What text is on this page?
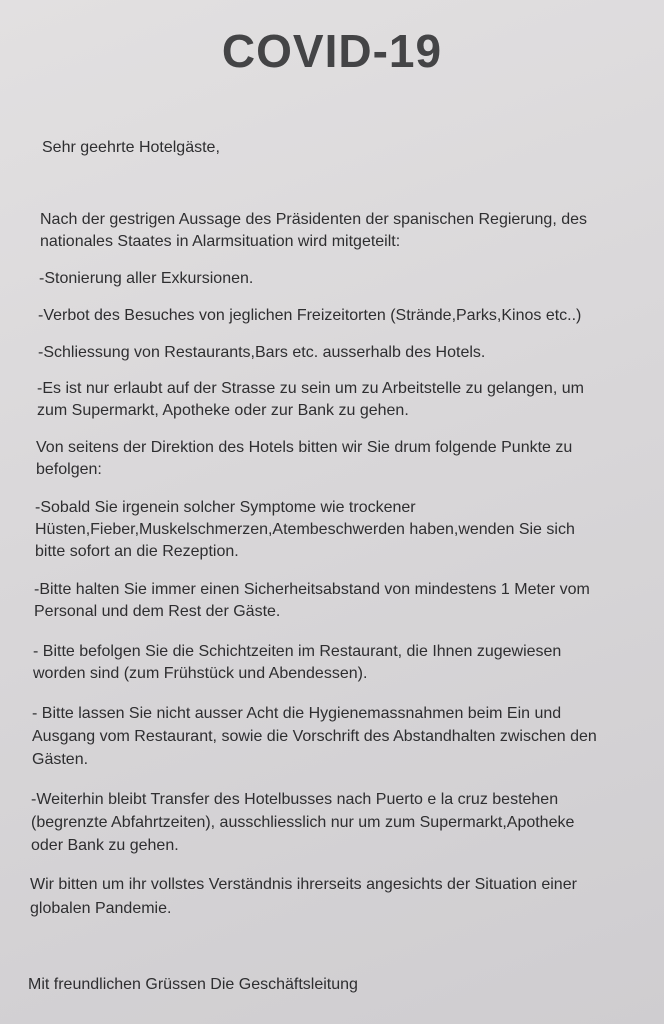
COVID-19

Sehr geehrte Hotelgäste,

Nach der gestrigen Aussage des Präsidenten der spanischen Regierung, des

nationales Staates in Alarmsituation wird mitgeteilt:

-Stonierung aller Exkursionen.

-Verbot des Besuches von jeglichen Freizeitorten (Strände,Parks,Kinos etc..)

-Schliessung von Restaurants,Bars etc. ausserhalb des Hotels.

-Es ist nur erlaubt auf der Strasse zu sein um zu Arbeitstelle zu gelangen, um

zum Supermarkt, Apotheke oder zur Bank zu gehen.

Von seitens der Direktion des Hotels bitten wir Sie drum folgende Punkte zu

befolgen:

-Sobald Sie irgenein solcher Symptome wie trockener

Hüsten,Fieber,Muskelschmerzen,Atembeschwerden haben,wenden Sie sich

bitte sofort an die Rezeption.

-Bitte halten Sie immer einen Sicherheitsabstand von mindestens 1 Meter vom

Personal und dem Rest der Gäste.

- Bitte befolgen Sie die Schichtzeiten im Restaurant, die Ihnen zugewiesen

worden sind (zum Frühstück und Abendessen).

- Bitte lassen Sie nicht ausser Acht die Hygienemassnahmen beim Ein und

Ausgang vom Restaurant, sowie die Vorschrift des Abstandhalten zwischen den

Gästen.

-Weiterhin bleibt Transfer des Hotelbusses nach Puerto e la cruz bestehen

(begrenzte Abfahrtzeiten), ausschliesslich nur um zum Supermarkt,Apotheke

oder Bank zu gehen.

Wir bitten um ihr vollstes Verständnis ihrerseits angesichts der Situation einer

globalen Pandemie.

Mit freundlichen Grüssen Die Geschäftsleitung
